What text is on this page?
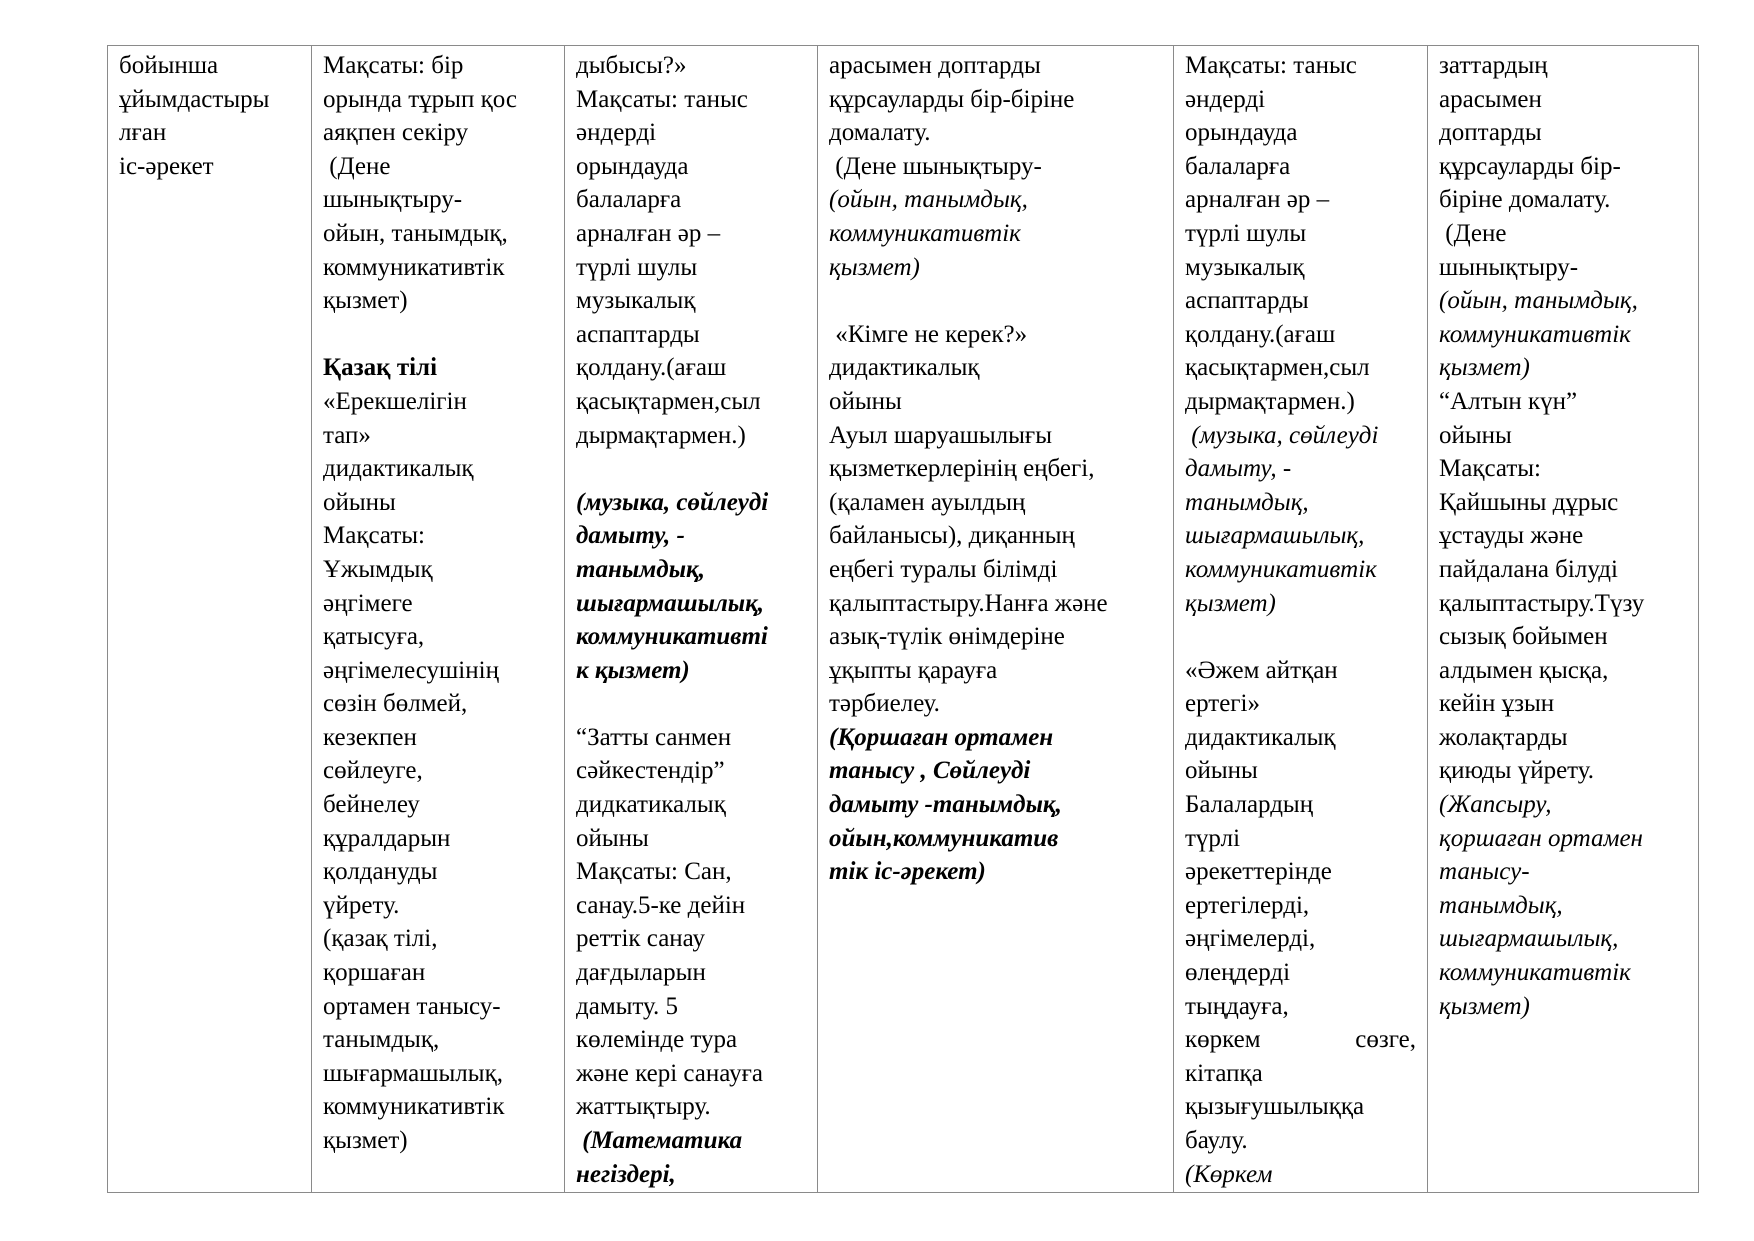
бойынша
ұйымдастыры
лған
іс-әрекет

Мақсаты: бір
орында тұрып қос
аяқпен секіру
(Дене
шынықтыру-
ойын, танымдық,
коммуникативтік
қызмет)
Қазақ тілі
«Ерекшелігін
тап»
дидактикалық
ойыны
Мақсаты:
Ұжымдық
әңгімеге
қатысуға,
әңгімелесушінің
сөзін бөлмей,
кезекпен
сөйлеуге,
бейнелеу
құралдарын
қолдануды
үйрету.
(қазақ тілі,
қоршаған
ортамен танысу-
танымдық,
шығармашылық,
коммуникативтік
қызмет)

дыбысы?»
Мақсаты: таныс
әндерді
орындауда
балаларға
арналған әр –
түрлі шулы
музыкалық
аспаптарды
қолдану.(ағаш
қасықтармен,сыл
дырмақтармен.)
(музыка, сөйлеуді
дамыту, -
танымдық,
шығармашылық,
коммуникативті
к қызмет)
“Затты санмен
сәйкестендір”
дидкатикалық
ойыны
Мақсаты: Сан,
санау.5-ке дейін
реттік санау
дағдыларын
дамыту. 5
көлемінде тура
және кері санауға
жаттықтыру.
(Математика
негіздері,

арасымен доптарды
құрсауларды бір-біріне
домалату.
(Дене шынықтыру-
(ойын, танымдық,
коммуникативтік
қызмет)
«Кімге не керек?»
дидактикалық
ойыны
Ауыл шаруашылығы
қызметкерлерінің еңбегі,
(қаламен ауылдың
байланысы), диқанның
еңбегі туралы білімді
қалыптастыру.Нанға және
азық-түлік өнімдеріне
ұқыпты қарауға
тәрбиелеу.
(Қоршаған ортамен
танысу , Сөйлеуді
дамыту -танымдық,
ойын,коммуникатив
тік іс-әрекет)

Мақсаты: таныс
әндерді
орындауда
балаларға
арналған әр –
түрлі шулы
музыкалық
аспаптарды
қолдану.(ағаш
қасықтармен,сыл
дырмақтармен.)
(музыка, сөйлеуді
дамыту, -
танымдық,
шығармашылық,
коммуникативтік
қызмет)
«Әжем айтқан
ертегі»
дидактикалық
ойыны
Балалардың
түрлі
әрекеттерінде
ертегілерді,
әңгімелерді,
өлеңдерді
тыңдауға,
көркем	сөзге,
кітапқа
қызығушылыққа
баулу.
(Көркем

заттардың
арасымен
доптарды
құрсауларды бір-
біріне домалату.
(Дене
шынықтыру-
(ойын, танымдық,
коммуникативтік
қызмет)
“Алтын күн”
ойыны
Мақсаты:
Қайшыны дұрыс
ұстауды және
пайдалана білуді
қалыптастыру.Түзу
сызық бойымен
алдымен қысқа,
кейін ұзын
жолақтарды
қиюды үйрету.
(Жапсыру,
қоршаған ортамен
танысу-
танымдық,
шығармашылық,
коммуникативтік
қызмет)
